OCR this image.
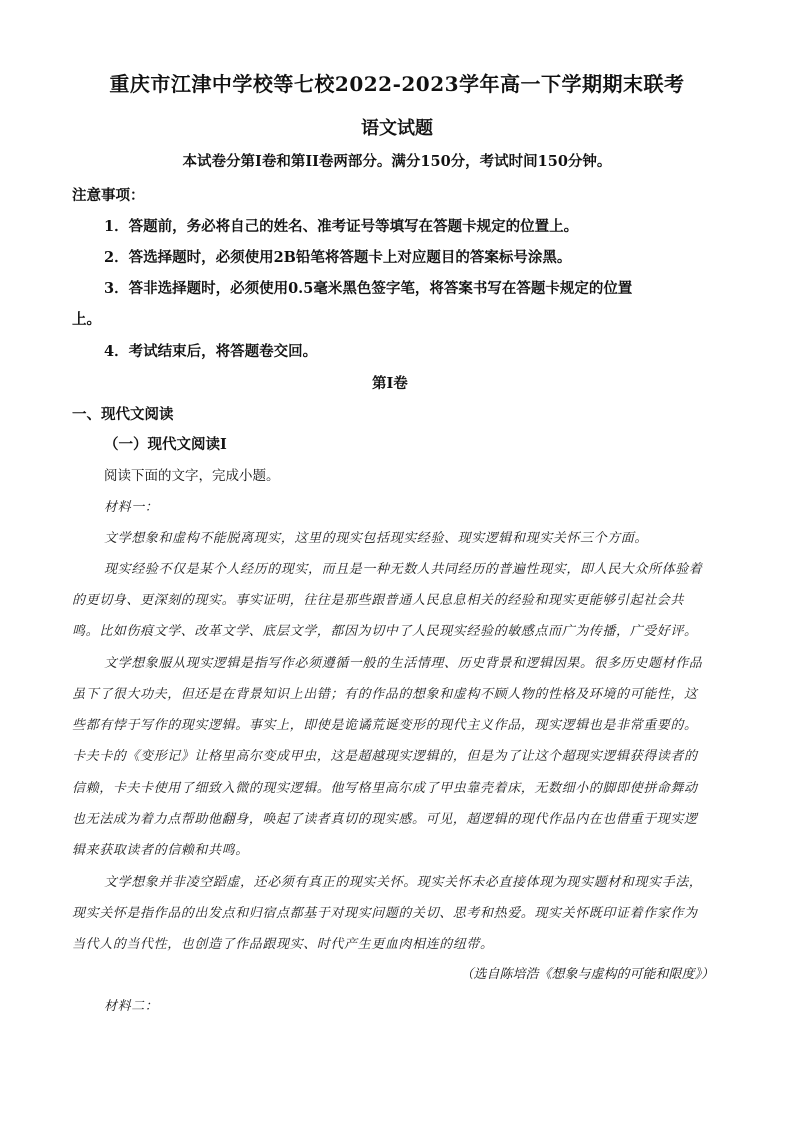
重庆市江津中学校等七校2022-2023学年高一下学期期末联考
语文试题
本试卷分第I卷和第II卷两部分。满分150分，考试时间150分钟。
注意事项：
1．答题前，务必将自己的姓名、准考证号等填写在答题卡规定的位置上。
2．答选择题时，必须使用2B铅笔将答题卡上对应题目的答案标号涂黑。
3．答非选择题时，必须使用0.5毫米黑色签字笔，将答案书写在答题卡规定的位置
上。
4．考试结束后，将答题卷交回。
第I卷
一、现代文阅读
（一）现代文阅读I
阅读下面的文字，完成小题。
材料一：
文学想象和虚构不能脱离现实，这里的现实包括现实经验、现实逻辑和现实关怀三个方面。
现实经验不仅是某个人经历的现实，而且是一种无数人共同经历的普遍性现实，即人民大众所体验着
的更切身、更深刻的现实。事实证明，往往是那些跟普通人民息息相关的经验和现实更能够引起社会共
鸣。比如伤痕文学、改革文学、底层文学，都因为切中了人民现实经验的敏感点而广为传播，广受好评。
文学想象服从现实逻辑是指写作必须遵循一般的生活情理、历史背景和逻辑因果。很多历史题材作品
虽下了很大功夫，但还是在背景知识上出错；有的作品的想象和虚构不顾人物的性格及环境的可能性，这
些都有悖于写作的现实逻辑。事实上，即使是诡谲荒诞变形的现代主义作品，现实逻辑也是非常重要的。
卡夫卡的《变形记》让格里高尔变成甲虫，这是超越现实逻辑的，但是为了让这个超现实逻辑获得读者的
信赖，卡夫卡使用了细致入微的现实逻辑。他写格里高尔成了甲虫靠壳着床，无数细小的脚即使拼命舞动
也无法成为着力点帮助他翻身，唤起了读者真切的现实感。可见，超逻辑的现代作品内在也借重于现实逻
辑来获取读者的信赖和共鸣。
文学想象并非凌空蹈虚，还必须有真正的现实关怀。现实关怀未必直接体现为现实题材和现实手法，
现实关怀是指作品的出发点和归宿点都基于对现实问题的关切、思考和热爱。现实关怀既印证着作家作为
当代人的当代性，也创造了作品跟现实、时代产生更血肉相连的纽带。
（选自陈培浩《想象与虚构的可能和限度》）
材料二：
